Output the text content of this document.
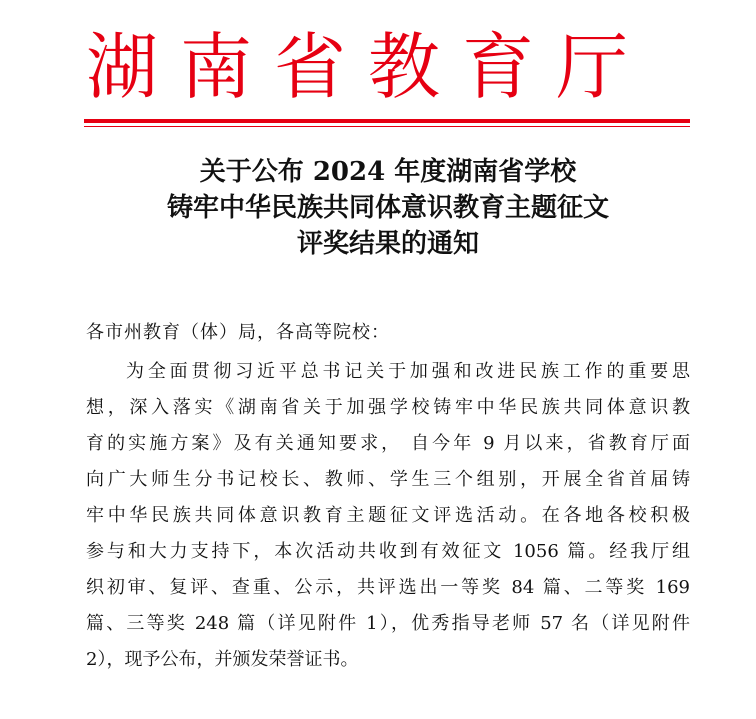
湖南省教育厅
关于公布 2024 年度湖南省学校
铸牢中华民族共同体意识教育主题征文
评奖结果的通知
各市州教育（体）局，各高等院校：
为全面贯彻习近平总书记关于加强和改进民族工作的重要思
想，深入落实《湖南省关于加强学校铸牢中华民族共同体意识教
育的实施方案》及有关通知要求， 自今年 9 月以来，省教育厅面
向广大师生分书记校长、教师、学生三个组别，开展全省首届铸
牢中华民族共同体意识教育主题征文评选活动。在各地各校积极
参与和大力支持下，本次活动共收到有效征文 1056 篇。经我厅组
织初审、复评、查重、公示，共评选出一等奖 84 篇、二等奖 169
篇、三等奖 248 篇（详见附件 1），优秀指导老师 57 名（详见附件
2），现予公布，并颁发荣誉证书。
